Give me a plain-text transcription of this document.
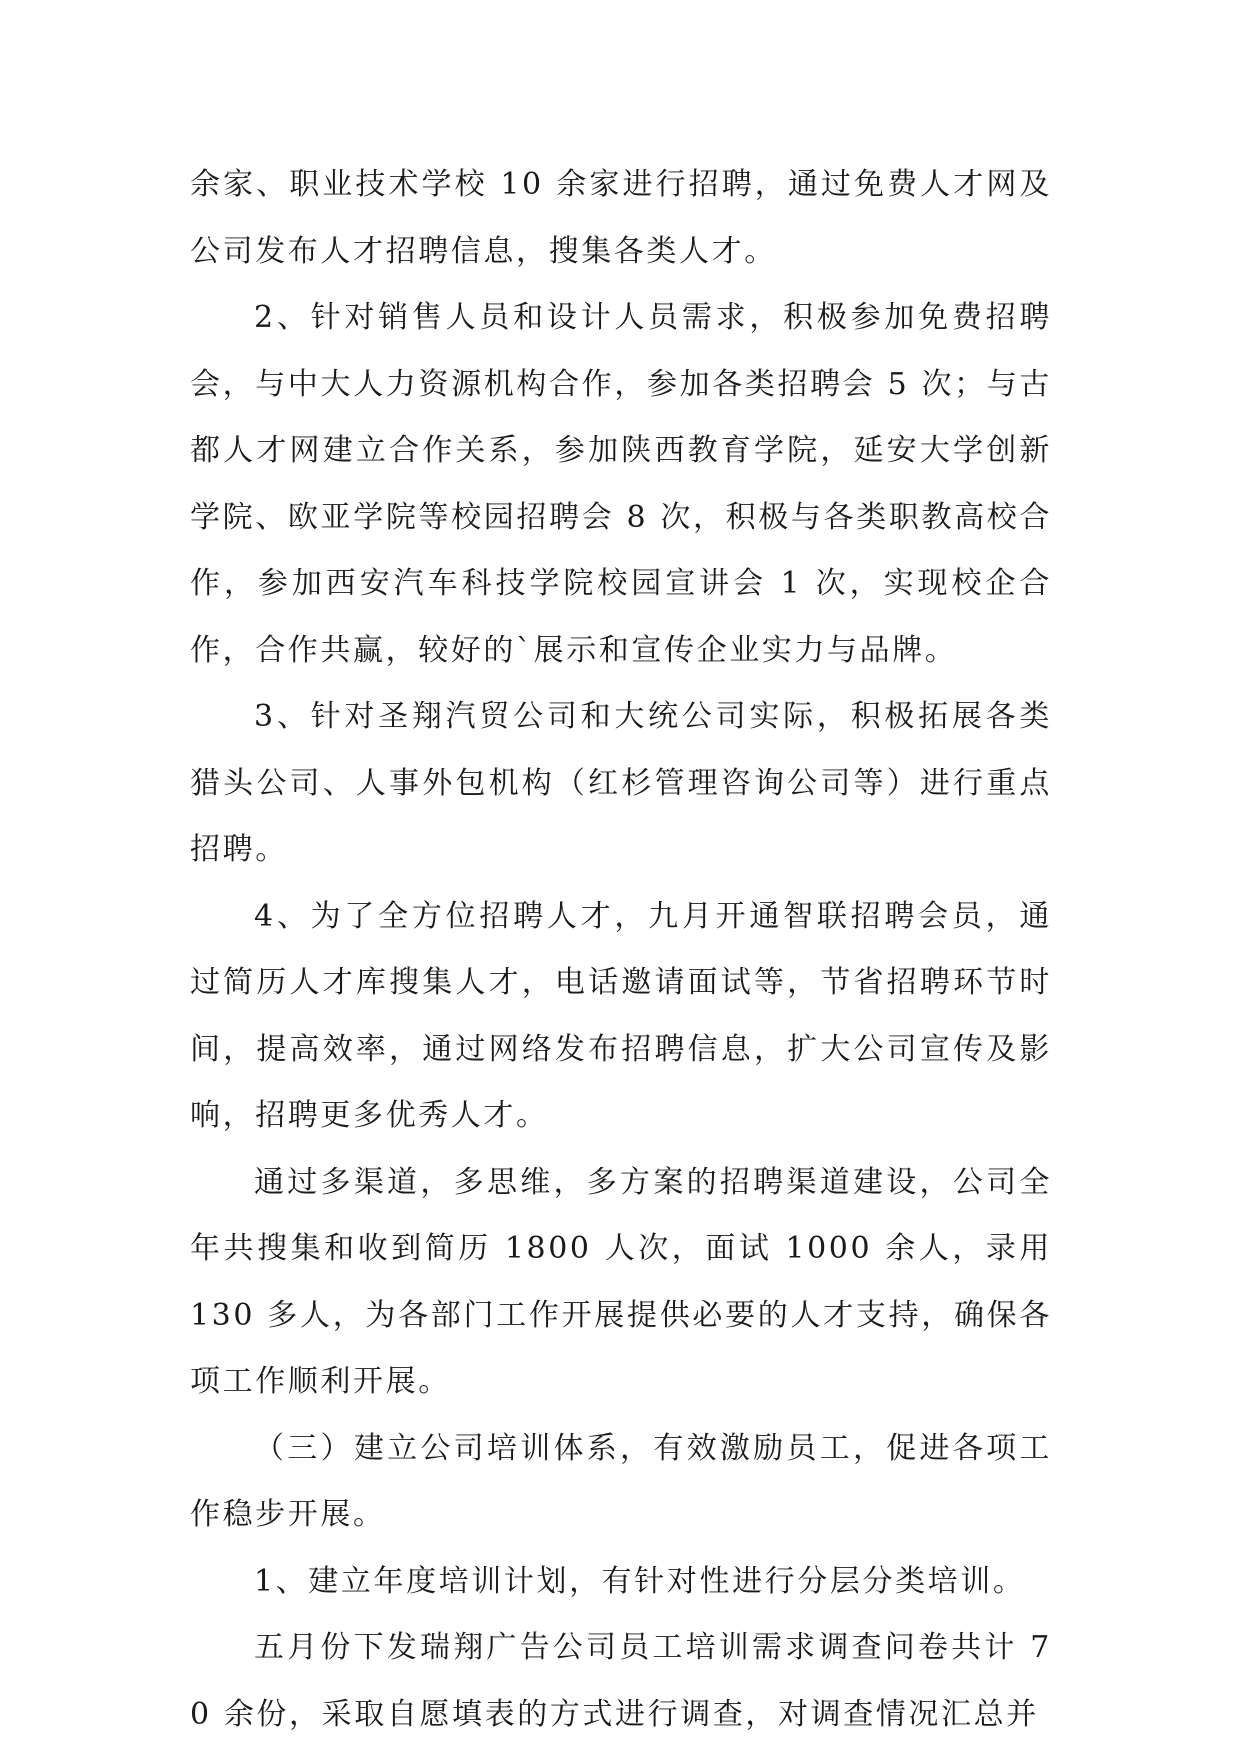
余家、职业技术学校 10 余家进行招聘，通过免费人才网及公司发布人才招聘信息，搜集各类人才。

2、针对销售人员和设计人员需求，积极参加免费招聘会，与中大人力资源机构合作，参加各类招聘会 5 次；与古都人才网建立合作关系，参加陕西教育学院，延安大学创新学院、欧亚学院等校园招聘会 8 次，积极与各类职教高校合作，参加西安汽车科技学院校园宣讲会 1 次，实现校企合作，合作共赢，较好的`展示和宣传企业实力与品牌。

3、针对圣翔汽贸公司和大统公司实际，积极拓展各类猎头公司、人事外包机构（红杉管理咨询公司等）进行重点招聘。

4、为了全方位招聘人才，九月开通智联招聘会员，通过简历人才库搜集人才，电话邀请面试等，节省招聘环节时间，提高效率，通过网络发布招聘信息，扩大公司宣传及影响，招聘更多优秀人才。

通过多渠道，多思维，多方案的招聘渠道建设，公司全年共搜集和收到简历 1800 人次，面试 1000 余人，录用 130 多人，为各部门工作开展提供必要的人才支持，确保各项工作顺利开展。

（三）建立公司培训体系，有效激励员工，促进各项工作稳步开展。

1、建立年度培训计划，有针对性进行分层分类培训。

五月份下发瑞翔广告公司员工培训需求调查问卷共计 70 余份，采取自愿填表的方式进行调查，对调查情况汇总并
